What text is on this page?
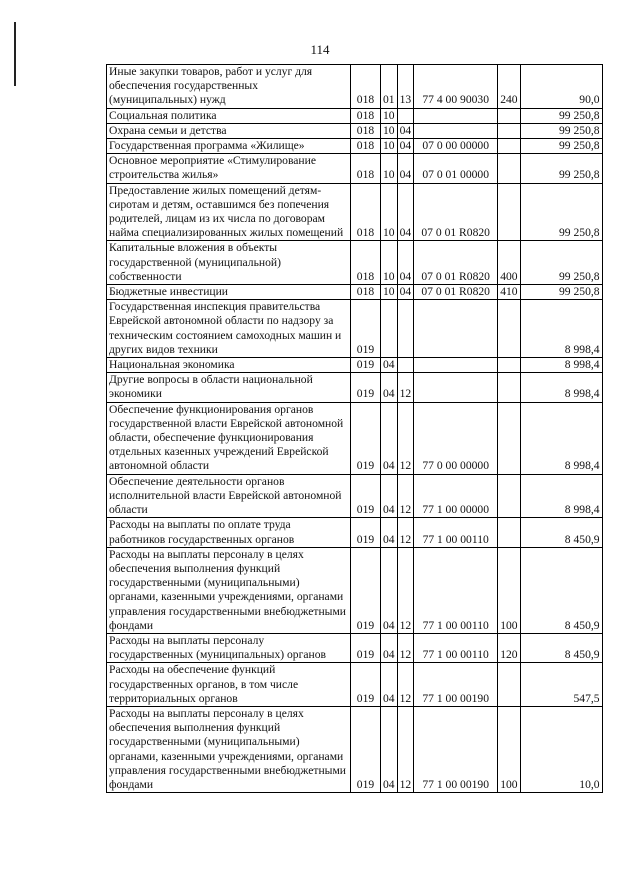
114
Иные закупки товаров, работ и услуг для обеспечения государственных (муниципальных) нужд	018	01	13	77 4 00 90030	240	90,0
Социальная политика	018	10				99 250,8
Охрана семьи и детства	018	10	04			99 250,8
Государственная программа «Жилище»	018	10	04	07 0 00 00000		99 250,8
Основное мероприятие «Стимулирование строительства жилья»	018	10	04	07 0 01 00000		99 250,8
Предоставление жилых помещений детям-сиротам и детям, оставшимся без попечения родителей, лицам из их числа по договорам найма специализированных жилых помещений	018	10	04	07 0 01 R0820		99 250,8
Капитальные вложения в объекты государственной (муниципальной) собственности	018	10	04	07 0 01 R0820	400	99 250,8
Бюджетные инвестиции	018	10	04	07 0 01 R0820	410	99 250,8
Государственная инспекция правительства Еврейской автономной области по надзору за техническим состоянием самоходных машин и других видов техники	019					8 998,4
Национальная экономика	019	04				8 998,4
Другие вопросы в области национальной экономики	019	04	12			8 998,4
Обеспечение функционирования органов государственной власти Еврейской автономной области, обеспечение функционирования отдельных казенных учреждений Еврейской автономной области	019	04	12	77 0 00 00000		8 998,4
Обеспечение деятельности органов исполнительной власти Еврейской автономной области	019	04	12	77 1 00 00000		8 998,4
Расходы на выплаты по оплате труда работников государственных органов	019	04	12	77 1 00 00110		8 450,9
Расходы на выплаты персоналу в целях обеспечения выполнения функций государственными (муниципальными) органами, казенными учреждениями, органами управления государственными внебюджетными фондами	019	04	12	77 1 00 00110	100	8 450,9
Расходы на выплаты персоналу государственных (муниципальных) органов	019	04	12	77 1 00 00110	120	8 450,9
Расходы на обеспечение функций государственных органов, в том числе территориальных органов	019	04	12	77 1 00 00190		547,5
Расходы на выплаты персоналу в целях обеспечения выполнения функций государственными (муниципальными) органами, казенными учреждениями, органами управления государственными внебюджетными фондами	019	04	12	77 1 00 00190	100	10,0
